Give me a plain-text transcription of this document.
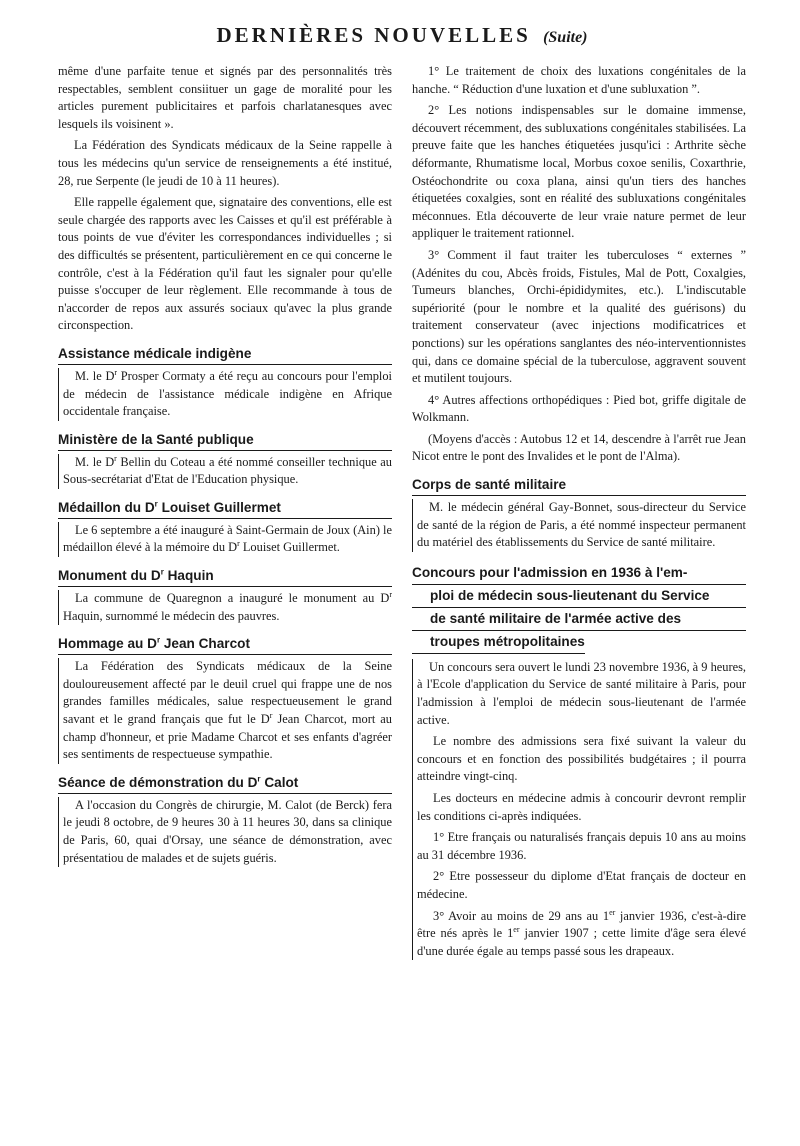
DERNIÈRES NOUVELLES (Suite)

même d'une parfaite tenue et signés par des personnalités très respectables, semblent consiituer un gage de moralité pour les articles purement publicitaires et parfois charlatanesques avec lesquels ils voisinent ».

La Fédération des Syndicats médicaux de la Seine rappelle à tous les médecins qu'un service de renseignements a été institué, 28, rue Serpente (le jeudi de 10 à 11 heures).

Elle rappelle également que, signataire des conventions, elle est seule chargée des rapports avec les Caisses et qu'il est préférable à tous points de vue d'éviter les correspondances individuelles ; si des difficultés se présentent, particulièrement en ce qui concerne le contrôle, c'est à la Fédération qu'il faut les signaler pour qu'elle puisse s'occuper de leur règlement. Elle recommande à tous de n'accorder de repos aux assurés sociaux qu'avec la plus grande circonspection.

Assistance médicale indigène

M. le $D^r$ Prosper Cormaty a été reçu au concours pour l'emploi de médecin de l'assistance médicale indigène en Afrique occidentale française.

Ministère de la Santé publique

M. le $D^r$ Bellin du Coteau a été nommé conseiller technique au Sous-secrétariat d'Etat de l'Education physique.

Médaillon du $D^r$ Louiset Guillermet

Le 6 septembre a été inauguré à Saint-Germain de Joux (Ain) le médaillon élevé à la mémoire du $D^r$ Louiset Guillermet.

Monument du $D^r$ Haquin

La commune de Quaregnon a inauguré le monument au $D^r$ Haquin, surnommé le médecin des pauvres.

Hommage au $D^r$ Jean Charcot

La Fédération des Syndicats médicaux de la Seine douloureusement affecté par le deuil cruel qui frappe une de nos grandes familles médicales, salue respectueusement le grand savant et le grand français que fut le $D^r$ Jean Charcot, mort au champ d'honneur, et prie Madame Charcot et ses enfants d'agréer ses sentiments de respectueuse sympathie.

Séance de démonstration du $D^r$ Calot

A l'occasion du Congrès de chirurgie, M. Calot (de Berck) fera le jeudi 8 octobre, de 9 heures 30 à 11 heures 30, dans sa clinique de Paris, 60, quai d'Orsay, une séance de démonstration, avec présentatiou de malades et de sujets guéris.

1° Le traitement de choix des luxations congénitales de la hanche. “ Réduction d'une luxation et d'une subluxation ”.

2° Les notions indispensables sur le domaine immense, découvert récemment, des subluxations congénitales stabilisées. La preuve faite que les hanches étiquetées jusqu'ici : Arthrite sèche déformante, Rhumatisme local, Morbus coxoe senilis, Coxarthrie, Ostéochondrite ou coxa plana, ainsi qu'un tiers des hanches étiquetées coxalgies, sont en réalité des subluxations congénitales méconnues. Etla découverte de leur vraie nature permet de leur appliquer le traitement rationnel.

3° Comment il faut traiter les tuberculoses “ externes ” (Adénites du cou, Abcès froids, Fistules, Mal de Pott, Coxalgies, Tumeurs blanches, Orchi-épididymites, etc.). L'indiscutable supériorité (pour le nombre et la qualité des guérisons) du traitement conservateur (avec injections modificatrices et ponctions) sur les opérations sanglantes des néo-interventionnistes qui, dans ce domaine spécial de la tuberculose, aggravent souvent et mutilent toujours.

4° Autres affections orthopédiques : Pied bot, griffe digitale de Wolkmann.

(Moyens d'accès : Autobus 12 et 14, descendre à l'arrêt rue Jean Nicot entre le pont des Invalides et le pont de l'Alma).

Corps de santé militaire

M. le médecin général Gay-Bonnet, sous-directeur du Service de santé de la région de Paris, a été nommé inspecteur permanent du matériel des établissements du Service de santé militaire.

Concours pour l'admission en 1936 à l'em-
ploi de médecin sous-lieutenant du Service
de santé militaire de l'armée active des
troupes métropolitaines

Un concours sera ouvert le lundi 23 novembre 1936, à 9 heures, à l'Ecole d'application du Service de santé militaire à Paris, pour l'admission à l'emploi de médecin sous-lieutenant de l'armée active.

Le nombre des admissions sera fixé suivant la valeur du concours et en fonction des possibilités budgétaires ; il pourra atteindre vingt-cinq.

Les docteurs en médecine admis à concourir devront remplir les conditions ci-après indiquées.

1° Etre français ou naturalisés français depuis 10 ans au moins au 31 décembre 1936.

2° Etre possesseur du diplome d'Etat français de docteur en médecine.

3° Avoir au moins de 29 ans au 1er janvier 1936, c'est-à-dire être nés après le 1er janvier 1907 ; cette limite d'âge sera élevé d'une durée égale au temps passé sous les drapeaux.
